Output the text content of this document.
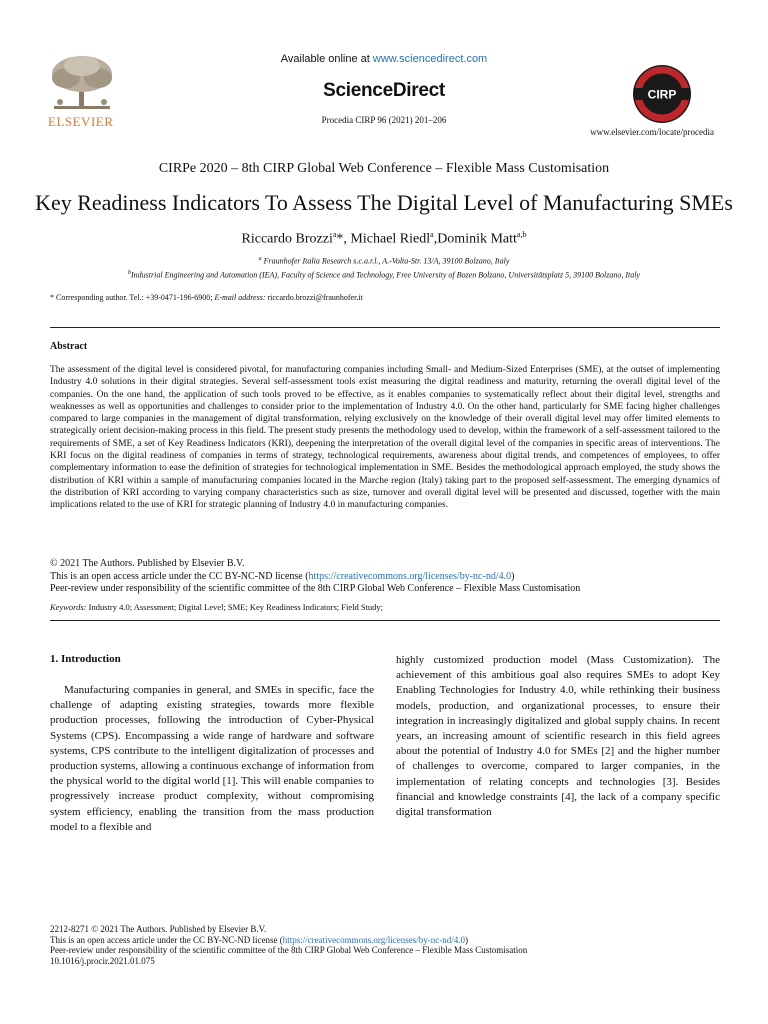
ELSEVIER
Available online at www.sciencedirect.com
ScienceDirect
Procedia CIRP 96 (2021) 201–206
CIRP
www.elsevier.com/locate/procedia
CIRPe 2020 – 8th CIRP Global Web Conference – Flexible Mass Customisation
Key Readiness Indicators To Assess The Digital Level of Manufacturing SMEs
Riccardo Brozzi$^a$*, Michael Riedl$^a$,Dominik Matt$^{a,b}$
$^a$ Fraunhofer Italia Research s.c.a.r.l., A.-Volta-Str. 13/A, 39100 Bolzano, Italy
$^b$Industrial Engineering and Automation (IEA), Faculty of Science and Technology, Free University of Bozen Bolzano, Universitätsplatz 5, 39100 Bolzano, Italy
* Corresponding author. Tel.: +39-0471-196-6900; E-mail address: riccardo.brozzi@fraunhofer.it
Abstract
The assessment of the digital level is considered pivotal, for manufacturing companies including Small- and Medium-Sized Enterprises (SME), at the outset of implementing Industry 4.0 solutions in their digital strategies. Several self-assessment tools exist measuring the digital readiness and maturity, returning the overall digital level of the companies. On the one hand, the application of such tools proved to be effective, as it enables companies to systematically reflect about their digital level, strengths and weaknesses as well as opportunities and challenges to consider prior to the implementation of Industry 4.0. On the other hand, particularly for SME facing higher challenges compared to large companies in the management of digital transformation, relying exclusively on the knowledge of their overall digital level may offer limited elements to strategically orient decision-making process in this field. The present study presents the methodology used to develop, within the framework of a self-assessment tailored to the requirements of SME, a set of Key Readiness Indicators (KRI), deepening the interpretation of the overall digital level of the companies in specific areas of interventions. The KRI focus on the digital readiness of companies in terms of strategy, technological requirements, awareness about digital trends, and competences of employees, to offer complementary information to ease the definition of strategies for technological implementation in SME. Besides the methodological approach employed, the study shows the distribution of KRI within a sample of manufacturing companies located in the Marche region (Italy) taking part to the proposed self-assessment. The emerging dynamics of the distribution of KRI according to varying company characteristics such as size, turnover and overall digital level will be presented and discussed, together with the main implications related to the use of KRI for strategic planning of Industry 4.0 in manufacturing companies.
© 2021 The Authors. Published by Elsevier B.V.
This is an open access article under the CC BY-NC-ND license (https://creativecommons.org/licenses/by-nc-nd/4.0)
Peer-review under responsibility of the scientific committee of the 8th CIRP Global Web Conference – Flexible Mass Customisation
Keywords: Industry 4.0; Assessment; Digital Level; SME; Key Readiness Indicators; Field Study;
1. Introduction

Manufacturing companies in general, and SMEs in specific, face the challenge of adapting existing strategies, towards more flexible production processes, following the introduction of Cyber-Physical Systems (CPS). Encompassing a wide range of hardware and software systems, CPS contribute to the intelligent digitalization of processes and production systems, allowing a continuous exchange of information from the physical world to the digital world [1]. This will enable companies to progressively increase product complexity, without compromising system efficiency, enabling the transition from the mass production model to a flexible and

highly customized production model (Mass Customization). The achievement of this ambitious goal also requires SMEs to adopt Key Enabling Technologies for Industry 4.0, while rethinking their business models, production, and organizational processes, to ensure their integration in increasingly digitalized and global supply chains. In recent years, an increasing amount of scientific research in this field agrees about the potential of Industry 4.0 for SMEs [2] and the higher number of challenges to overcome, compared to larger companies, in the implementation of relating concepts and technologies [3]. Besides financial and knowledge constraints [4], the lack of a company specific digital transformation

2212-8271 © 2021 The Authors. Published by Elsevier B.V.
This is an open access article under the CC BY-NC-ND license (https://creativecommons.org/licenses/by-nc-nd/4.0)
Peer-review under responsibility of the scientific committee of the 8th CIRP Global Web Conference – Flexible Mass Customisation
10.1016/j.procir.2021.01.075
